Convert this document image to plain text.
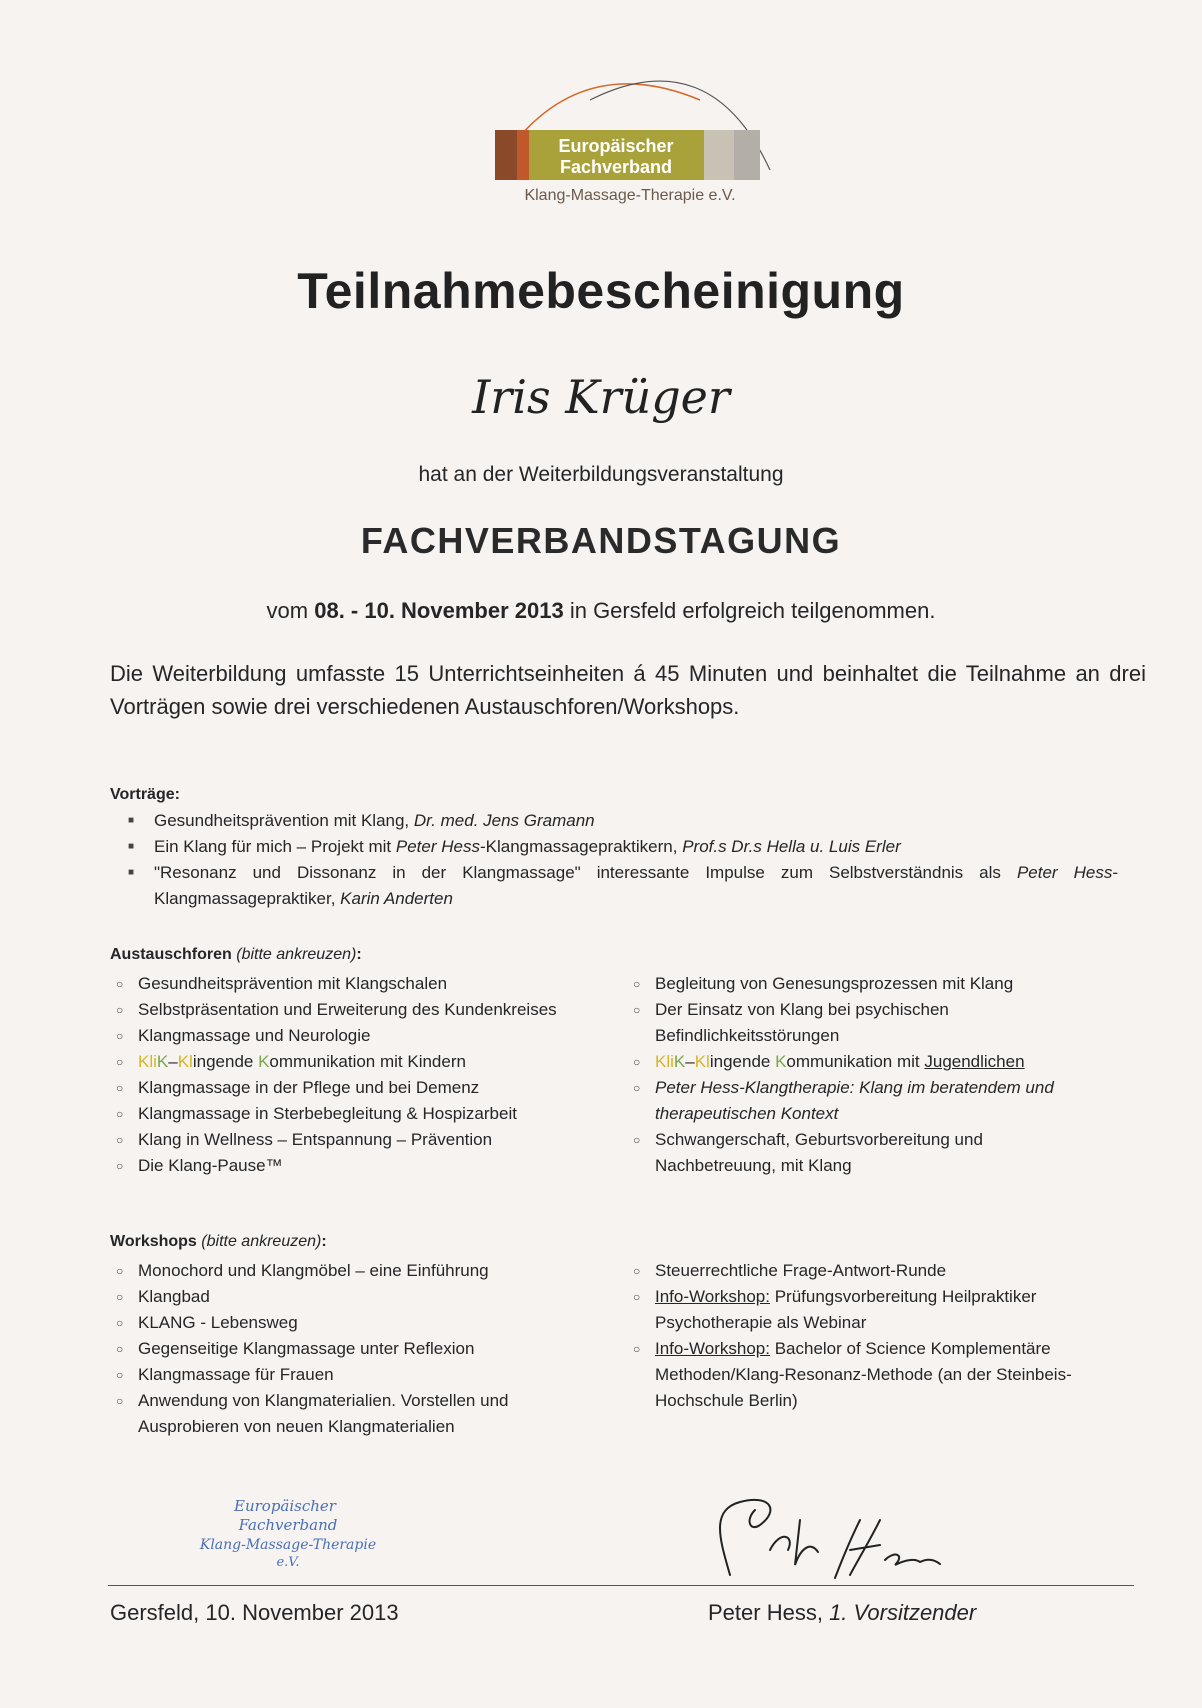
Europäischer
Fachverband
Klang-Massage-Therapie e.V.
Teilnahmebescheinigung
Iris Krüger
hat an der Weiterbildungsveranstaltung
FACHVERBANDSTAGUNG
vom 08. - 10. November 2013 in Gersfeld erfolgreich teilgenommen.
Die Weiterbildung umfasste 15 Unterrichtseinheiten á 45 Minuten und beinhaltet die Teilnahme an drei Vorträgen sowie drei verschiedenen Austauschforen/Workshops.
Vorträge:
■ Gesundheitsprävention mit Klang, Dr. med. Jens Gramann
■ Ein Klang für mich – Projekt mit Peter Hess-Klangmassagepraktikern, Prof.s Dr.s Hella u. Luis Erler
■ "Resonanz und Dissonanz in der Klangmassage" interessante Impulse zum Selbstverständnis als Peter Hess-Klangmassagepraktiker, Karin Anderten
Austauschforen (bitte ankreuzen):
○ Gesundheitsprävention mit Klangschalen
○ Selbstpräsentation und Erweiterung des Kundenkreises
○ Klangmassage und Neurologie
○ KliK–Klingende Kommunikation mit Kindern
○ Klangmassage in der Pflege und bei Demenz
○ Klangmassage in Sterbebegleitung & Hospizarbeit
○ Klang in Wellness – Entspannung – Prävention
○ Die Klang-Pause™
○ Begleitung von Genesungsprozessen mit Klang
○ Der Einsatz von Klang bei psychischen Befindlichkeitsstörungen
○ KliK–Klingende Kommunikation mit Jugendlichen
○ Peter Hess-Klangtherapie: Klang im beratendem und therapeutischen Kontext
○ Schwangerschaft, Geburtsvorbereitung und Nachbetreuung, mit Klang
Workshops (bitte ankreuzen):
○ Monochord und Klangmöbel – eine Einführung
○ Klangbad
○ KLANG - Lebensweg
○ Gegenseitige Klangmassage unter Reflexion
○ Klangmassage für Frauen
○ Anwendung von Klangmaterialien. Vorstellen und Ausprobieren von neuen Klangmaterialien
○ Steuerrechtliche Frage-Antwort-Runde
○ Info-Workshop: Prüfungsvorbereitung Heilpraktiker Psychotherapie als Webinar
○ Info-Workshop: Bachelor of Science Komplementäre Methoden/Klang-Resonanz-Methode (an der Steinbeis-Hochschule Berlin)
Europäischer
Fachverband
Klang-Massage-Therapie
e.V.
Gersfeld, 10. November 2013	Peter Hess, 1. Vorsitzender
